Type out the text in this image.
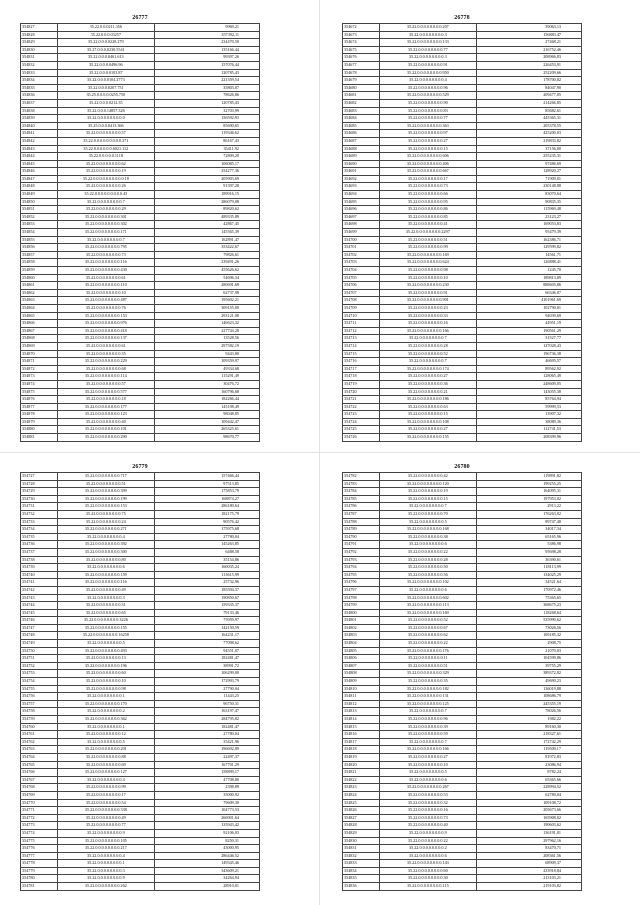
26777
354827	35.22.0.0.0211.356	9969,21
354828	35.22.0.0.0.03257	357392,11
354829	35.22.0.0.0.0228.279	234470,50
354830	35.27.0.0.0.0230.5541	135166,44
354831	35.22.0.0.0.0461.613	99397,26
354832	35.22.0.0.0.0496.96	157076,44
354833	35.22.0.0.0.0103.87	120785,43
354834	35.22.0.0.0.0104.2773	221359,54
354835	35.22.0.0.0.0207.751	35803,07
354836	35.25.0.0.0.0.0255.750	78626,86
354837	35.22.0.0.0.0212.35	120785,43
354838	35.22.0.0.0.14857.326	32703,99
354839	35.22.0.0.0.0.0.0.0.0.0	156592,93
354840	35.25.0.0.0.0413.366	85690,65
354841	35.22.0.0.0.0.0.0.0.0.57	119346,62
354842	35.22.0.0.0.0.0.0.0.0.0.371	86167,43
354843	35.22.0.0.0.0.0.0.6021.112	35411,92
354844	35.22.0.0.0.0.0.1118	72809,20
354845	35.22.0.0.0.0.0.0.0.0.62	106085,17
354846	35.22.0.0.0.0.0.0.0.0.19	254277,36
354847	35.22.0.0.0.0.0.0.0.0.0.0.18	205903,69
354848	35.22.0.0.0.0.0.0.0.0.26	91397,28
354849	35.22.0.0.0.0.0.0.0.0.0.43	189916,15
354850	35.22.0.0.0.0.0.0.0.0.7	286079,08
354851	35.22.0.0.0.0.0.0.0.0.29	89820,62
354852	35.22.0.0.0.0.0.0.0.0.301	489335,89
354853	35.22.0.0.0.0.0.0.0.0.302	42867,45
354854	35.22.0.0.0.0.0.0.0.0.171	145365,39
354855	35.22.0.0.0.0.0.0.0.0.7	162891,47
354856	35.22.0.0.0.0.0.0.0.0.795	353422,67
354857	35.22.0.0.0.0.0.0.0.0.73	79826,61
354858	35.22.0.0.0.0.0.0.0.0.116	239491,26
354859	35.22.0.0.0.0.0.0.0.0.430	455626,62
354860	35.22.0.0.0.0.0.0.0.0.61	54696,34
354861	35.22.0.0.0.0.0.0.0.0.110	280691,69
354862	35.22.0.0.0.0.0.0.0.0.10	62737,98
354863	35.22.0.0.0.0.0.0.0.0.487	195602,21
354864	35.22.0.0.0.0.0.0.0.0.76	309155,00
354865	35.22.0.0.0.0.0.0.0.0.153	293121,08
354866	35.22.0.0.0.0.0.0.0.0.976	146623,32
354867	35.22.0.0.0.0.0.0.0.0.418	227744,28
354868	35.22.0.0.0.0.0.0.0.0.137	13528,56
354869	35.22.0.0.0.0.0.0.0.0.61	297582,19
354870	35.22.0.0.0.0.0.0.0.0.35	9443,80
354871	35.22.0.0.0.0.0.0.0.0.229	109359,97
354872	35.22.0.0.0.0.0.0.0.0.68	49334,68
354873	35.22.0.0.0.0.0.0.0.0.114	115291,49
354874	35.22.0.0.0.0.0.0.0.0.57	30476,72
354875	35.22.0.0.0.0.0.0.0.0.577	160796,68
354876	35.22.0.0.0.0.0.0.0.0.18	182266,44
354877	35.22.0.0.0.0.0.0.0.0.177	145198,49
354878	35.22.0.0.0.0.0.0.0.0.123	98048,85
354879	35.22.0.0.0.0.0.0.0.0.40	109442,47
354880	35.22.0.0.0.0.0.0.0.0.101	265325,61
354881	35.22.0.0.0.0.0.0.0.0.290	98670,77
26778
354672	35.22.0.0.0.0.0.0.0.0.207	39063,13
354673	35.22.0.0.0.0.0.0.0.0.3	156883,47
354674	35.22.0.0.0.0.0.0.0.0.133	27468,21
354675	35.22.0.0.0.0.0.0.0.0.77	216752,46
354676	35.22.0.0.0.0.0.0.0.0.3	208966,83
354677	35.22.0.0.0.0.0.0.0.0.91	226453,91
354678	35.22.0.0.0.0.0.0.0.0.950	252209,66
354679	35.22.0.0.0.0.0.0.0.0.4	178700,82
354680	35.22.0.0.0.0.0.0.0.0.96	84047,90
354681	35.22.0.0.0.0.0.0.0.0.529	209477,05
354682	35.22.0.0.0.0.0.0.0.0.90	214266,85
354683	35.22.0.0.0.0.0.0.0.0.83	85682,61
354684	35.22.0.0.0.0.0.0.0.0.77	445365,31
354685	35.22.0.0.0.0.0.0.0.0.363	205378,55
354686	35.22.0.0.0.0.0.0.0.0.97	425200,03
354687	35.22.0.0.0.0.0.0.0.0.27	219833,82
354688	35.22.0.0.0.0.0.0.0.0.15	37156,00
354689	35.22.0.0.0.0.0.0.0.0.606	255235,31
354690	35.22.0.0.0.0.0.0.0.0.406	97486,69
354691	35.22.0.0.0.0.0.0.0.0.667	128920,27
354692	35.22.0.0.0.0.0.0.0.0.17	71909,01
354693	35.22.0.0.0.0.0.0.0.0.73	230148,88
354694	35.22.0.0.0.0.0.0.0.0.66	83070,64
354695	35.22.0.0.0.0.0.0.0.0.95	90835,35
354696	35.22.0.0.0.0.0.0.0.0.86	115969,48
354697	35.22.0.0.0.0.0.0.0.0.85	23123,27
354698	35.22.0.0.0.0.0.0.0.0.41	169053,83
354699	35.22.0.0.0.0.0.0.0.0.2297	95479,39
354700	35.22.0.0.0.0.0.0.0.0.51	162386,71
354701	35.22.0.0.0.0.0.0.0.0.99	129599,82
354702	35.22.0.0.0.0.0.0.0.0.169	14561,71
354703	35.22.0.0.0.0.0.0.0.0.624	126888,41
354704	35.22.0.0.0.0.0.0.0.0.98	1245,70
354705	35.22.0.0.0.0.0.0.0.0.10	189813,09
354706	35.22.0.0.0.0.0.0.0.0.230	888605,86
354707	35.22.0.0.0.0.0.0.0.0.91	66346,07
354708	35.22.0.0.0.0.0.0.0.0.901	4101961,69
354709	35.22.0.0.0.0.0.0.0.0.23	102790,01
354710	35.22.0.0.0.0.0.0.0.0.33	94039,69
354711	35.22.0.0.0.0.0.0.0.0.16	44951,19
354712	35.22.0.0.0.0.0.0.0.0.166	190561,29
354713	35.22.0.0.0.0.0.0.0.0.7	31527,77
354714	35.22.0.0.0.0.0.0.0.0.28	127028,43
354715	35.22.0.0.0.0.0.0.0.0.52	196736,38
354716	35.22.0.0.0.0.0.0.0.0.7	46695,57
354717	35.22.0.0.0.0.0.0.0.0.174	89562,92
354718	35.22.0.0.0.0.0.0.0.0.27	128065,49
354719	35.22.0.0.0.0.0.0.0.0.36	248609,05
354720	35.22.0.0.0.0.0.0.0.0.21	143055,38
354721	35.22.0.0.0.0.0.0.0.0.186	85764,94
354722	35.22.0.0.0.0.0.0.0.0.63	59999,53
354723	35.22.0.0.0.0.0.0.0.0.15	13907,32
354724	35.22.0.0.0.0.0.0.0.0.108	38089,36
354725	35.22.0.0.0.0.0.0.0.0.27	112741,53
354726	35.22.0.0.0.0.0.0.0.0.155	208399,96
26779
354727	35.22.0.0.0.0.0.0.0.0.717	157466,44
354728	35.22.0.0.0.0.0.0.0.0.51	97513,85
354729	35.22.0.0.0.0.0.0.0.0.399	175853,79
354730	35.22.0.0.0.0.0.0.0.0.199	168874,27
354731	35.22.0.0.0.0.0.0.0.0.153	286180,64
354732	35.22.0.0.0.0.0.0.0.0.75	182175,79
354733	35.22.0.0.0.0.0.0.0.0.24	90576,42
354734	35.22.0.0.0.0.0.0.0.0.271	175975,68
354735	35.22.0.0.0.0.0.0.0.0.4	27780,04
354736	35.22.0.0.0.0.0.0.0.0.392	145263,85
354737	35.22.0.0.0.0.0.0.0.0.300	6488,58
354738	35.22.0.0.0.0.0.0.0.0.80	35154,86
354739	35.22.0.0.0.0.0.0.0.0.6	160035,24
354740	35.22.0.0.0.0.0.0.0.0.159	113615,99
354741	35.22.0.0.0.0.0.0.0.0.116	25732,96
354742	35.22.0.0.0.0.0.0.0.0.49	185594,37
354743	35.22.0.0.0.0.0.0.0.0.3	190850,67
354744	35.22.0.0.0.0.0.0.0.0.31	159335,37
354745	35.22.0.0.0.0.0.0.0.0.65	79133,46
354746	35.22.0.0.0.0.0.0.0.0.3226	75959,97
354747	35.22.0.0.0.0.0.0.0.0.155	142150,59
354748	35.22.0.0.0.0.0.0.0.0.16258	164231,17
354749	35.22.0.0.0.0.0.0.0.0.5	77098,62
354750	35.22.0.0.0.0.0.0.0.0.493	94551,07
354751	35.22.0.0.0.0.0.0.0.0.13	182481,47
354752	35.22.0.0.0.0.0.0.0.0.196	38991,72
354753	35.22.0.0.0.0.0.0.0.0.60	106299,00
354754	35.22.0.0.0.0.0.0.0.0.10	172993,79
354755	35.22.0.0.0.0.0.0.0.0.98	27790,04
354756	35.22.0.0.0.0.0.0.0.0.1	11443,25
354757	35.22.0.0.0.0.0.0.0.0.170	96750,31
354758	35.22.0.0.0.0.0.0.0.0.2	163197,47
354759	35.22.0.0.0.0.0.0.0.0.362	284795,82
354760	35.22.0.0.0.0.0.0.0.0.1	182481,47
354761	35.22.0.0.0.0.0.0.0.0.12	27780,04
354762	35.22.0.0.0.0.0.0.0.0.5	35421,96
354763	35.22.0.0.0.0.0.0.0.0.201	196692,89
354764	35.22.0.0.0.0.0.0.0.0.88	22497,37
354765	35.22.0.0.0.0.0.0.0.0.69	167701,29
354766	35.22.0.0.0.0.0.0.0.0.127	158899,17
354767	35.22.0.0.0.0.0.0.0.0.4	47708,80
354768	35.22.0.0.0.0.0.0.0.0.99	2398,89
354769	35.22.0.0.0.0.0.0.0.0.17	35000,92
354770	35.22.0.0.0.0.0.0.0.0.54	79609,30
354771	35.22.0.0.0.0.0.0.0.0.338	104773,53
354772	35.22.0.0.0.0.0.0.0.0.49	266901,64
354773	35.22.0.0.0.0.0.0.0.0.77	135943,42
354774	35.22.0.0.0.0.0.0.0.0.9	92106,03
354775	35.22.0.0.0.0.0.0.0.0.105	8250,31
354776	35.22.0.0.0.0.0.0.0.0.217	43000,95
354777	35.22.0.0.0.0.0.0.0.0.4	286446,52
354778	35.22.0.0.0.0.0.0.0.0.1	149345,46
354779	35.22.0.0.0.0.0.0.0.0.3	343609,21
354780	35.22.0.0.0.0.0.0.0.0.9	34264,94
354781	35.22.0.0.0.0.0.0.0.0.262	28910,01
26780
354782	35.22.0.0.0.0.0.0.0.0.42	119891,82
354783	35.22.0.0.0.0.0.0.0.0.120	199255,25
354784	35.22.0.0.0.0.0.0.0.0.19	164095,31
354785	35.22.0.0.0.0.0.0.0.0.15	197953,02
354786	35.22.0.0.0.0.0.0.0.0.7	2913,22
354787	35.22.0.0.0.0.0.0.0.0.70	176263,02
354788	35.22.0.0.0.0.0.0.0.0.5	89747,48
354789	35.22.0.0.0.0.0.0.0.0.168	34017,34
354790	35.22.0.0.0.0.0.0.0.0.38	65165,96
354791	35.22.0.0.0.0.0.0.0.0.6	5386,98
354792	35.22.0.0.0.0.0.0.0.0.22	95698,28
354793	35.22.0.0.0.0.0.0.0.0.28	36390,61
354794	35.22.0.0.0.0.0.0.0.0.50	118113,99
354795	35.22.0.0.0.0.0.0.0.0.56	134025,29
354796	35.22.0.0.0.0.0.0.0.0.102	34521,64
354797	35.22.0.0.0.0.0.0.0.0.6	170972,46
354798	35.22.0.0.0.0.0.0.0.0.602	75365,65
354799	35.22.0.0.0.0.0.0.0.0.113	368675,23
354800	35.22.0.0.0.0.0.0.0.0.169	118268,64
354801	35.22.0.0.0.0.0.0.0.0.52	535990,62
354802	35.22.0.0.0.0.0.0.0.0.67	73026,56
354803	35.22.0.0.0.0.0.0.0.0.62	169185,32
354804	35.22.0.0.0.0.0.0.0.0.22	2908,75
354805	35.22.0.0.0.0.0.0.0.0.176	21070,03
354806	35.22.0.0.0.0.0.0.0.0.11	104599,86
354807	35.22.0.0.0.0.0.0.0.0.51	39755,29
354808	35.22.0.0.0.0.0.0.0.0.329	389372,82
354809	35.22.0.0.0.0.0.0.0.0.35	49690,23
354810	35.22.0.0.0.0.0.0.0.0.182	136019,88
354811	35.22.0.0.0.0.0.0.0.0.131	108686,79
354812	35.22.0.0.0.0.0.0.0.0.125	245355,19
354813	35.22.0.0.0.0.0.0.0.0.7	78026,56
354814	35.22.0.0.0.0.0.0.0.0.96	1982,22
354815	35.22.0.0.0.0.0.0.0.0.39	89160,30
354816	35.22.0.0.0.0.0.0.0.0.59	218327,61
354817	35.22.0.0.0.0.0.0.0.0.7	172742,29
354818	35.22.0.0.0.0.0.0.0.0.166	119509,17
354819	35.22.0.0.0.0.0.0.0.0.27	81972,83
354820	35.22.0.0.0.0.0.0.0.0.10	23086,94
354821	35.22.0.0.0.0.0.0.0.0.5	8782,24
354822	35.22.0.0.0.0.0.0.0.0.6	65365,66
354823	35.22.0.0.0.0.0.0.0.0.267	228994,52
354824	35.22.0.0.0.0.0.0.0.0.53	62780,04
354825	35.22.0.0.0.0.0.0.0.0.32	109108,72
354826	35.22.0.0.0.0.0.0.0.0.16	205673,66
354827	35.22.0.0.0.0.0.0.0.0.73	165908,02
354828	35.22.0.0.0.0.0.0.0.0.40	190603,62
354829	35.22.0.0.0.0.0.0.0.0.9	136191,01
354830	35.22.0.0.0.0.0.0.0.0.22	297962,16
354831	35.22.0.0.0.0.0.0.0.0.2	83470,71
354832	35.22.0.0.0.0.0.0.0.0.6	208361,56
354833	35.22.0.0.0.0.0.0.0.0.143	68909,37
354834	35.22.0.0.0.0.0.0.0.0.60	233918,84
354835	35.22.0.0.0.0.0.0.0.0.30	213103,21
354836	35.22.0.0.0.0.0.0.0.0.115	219103,82
